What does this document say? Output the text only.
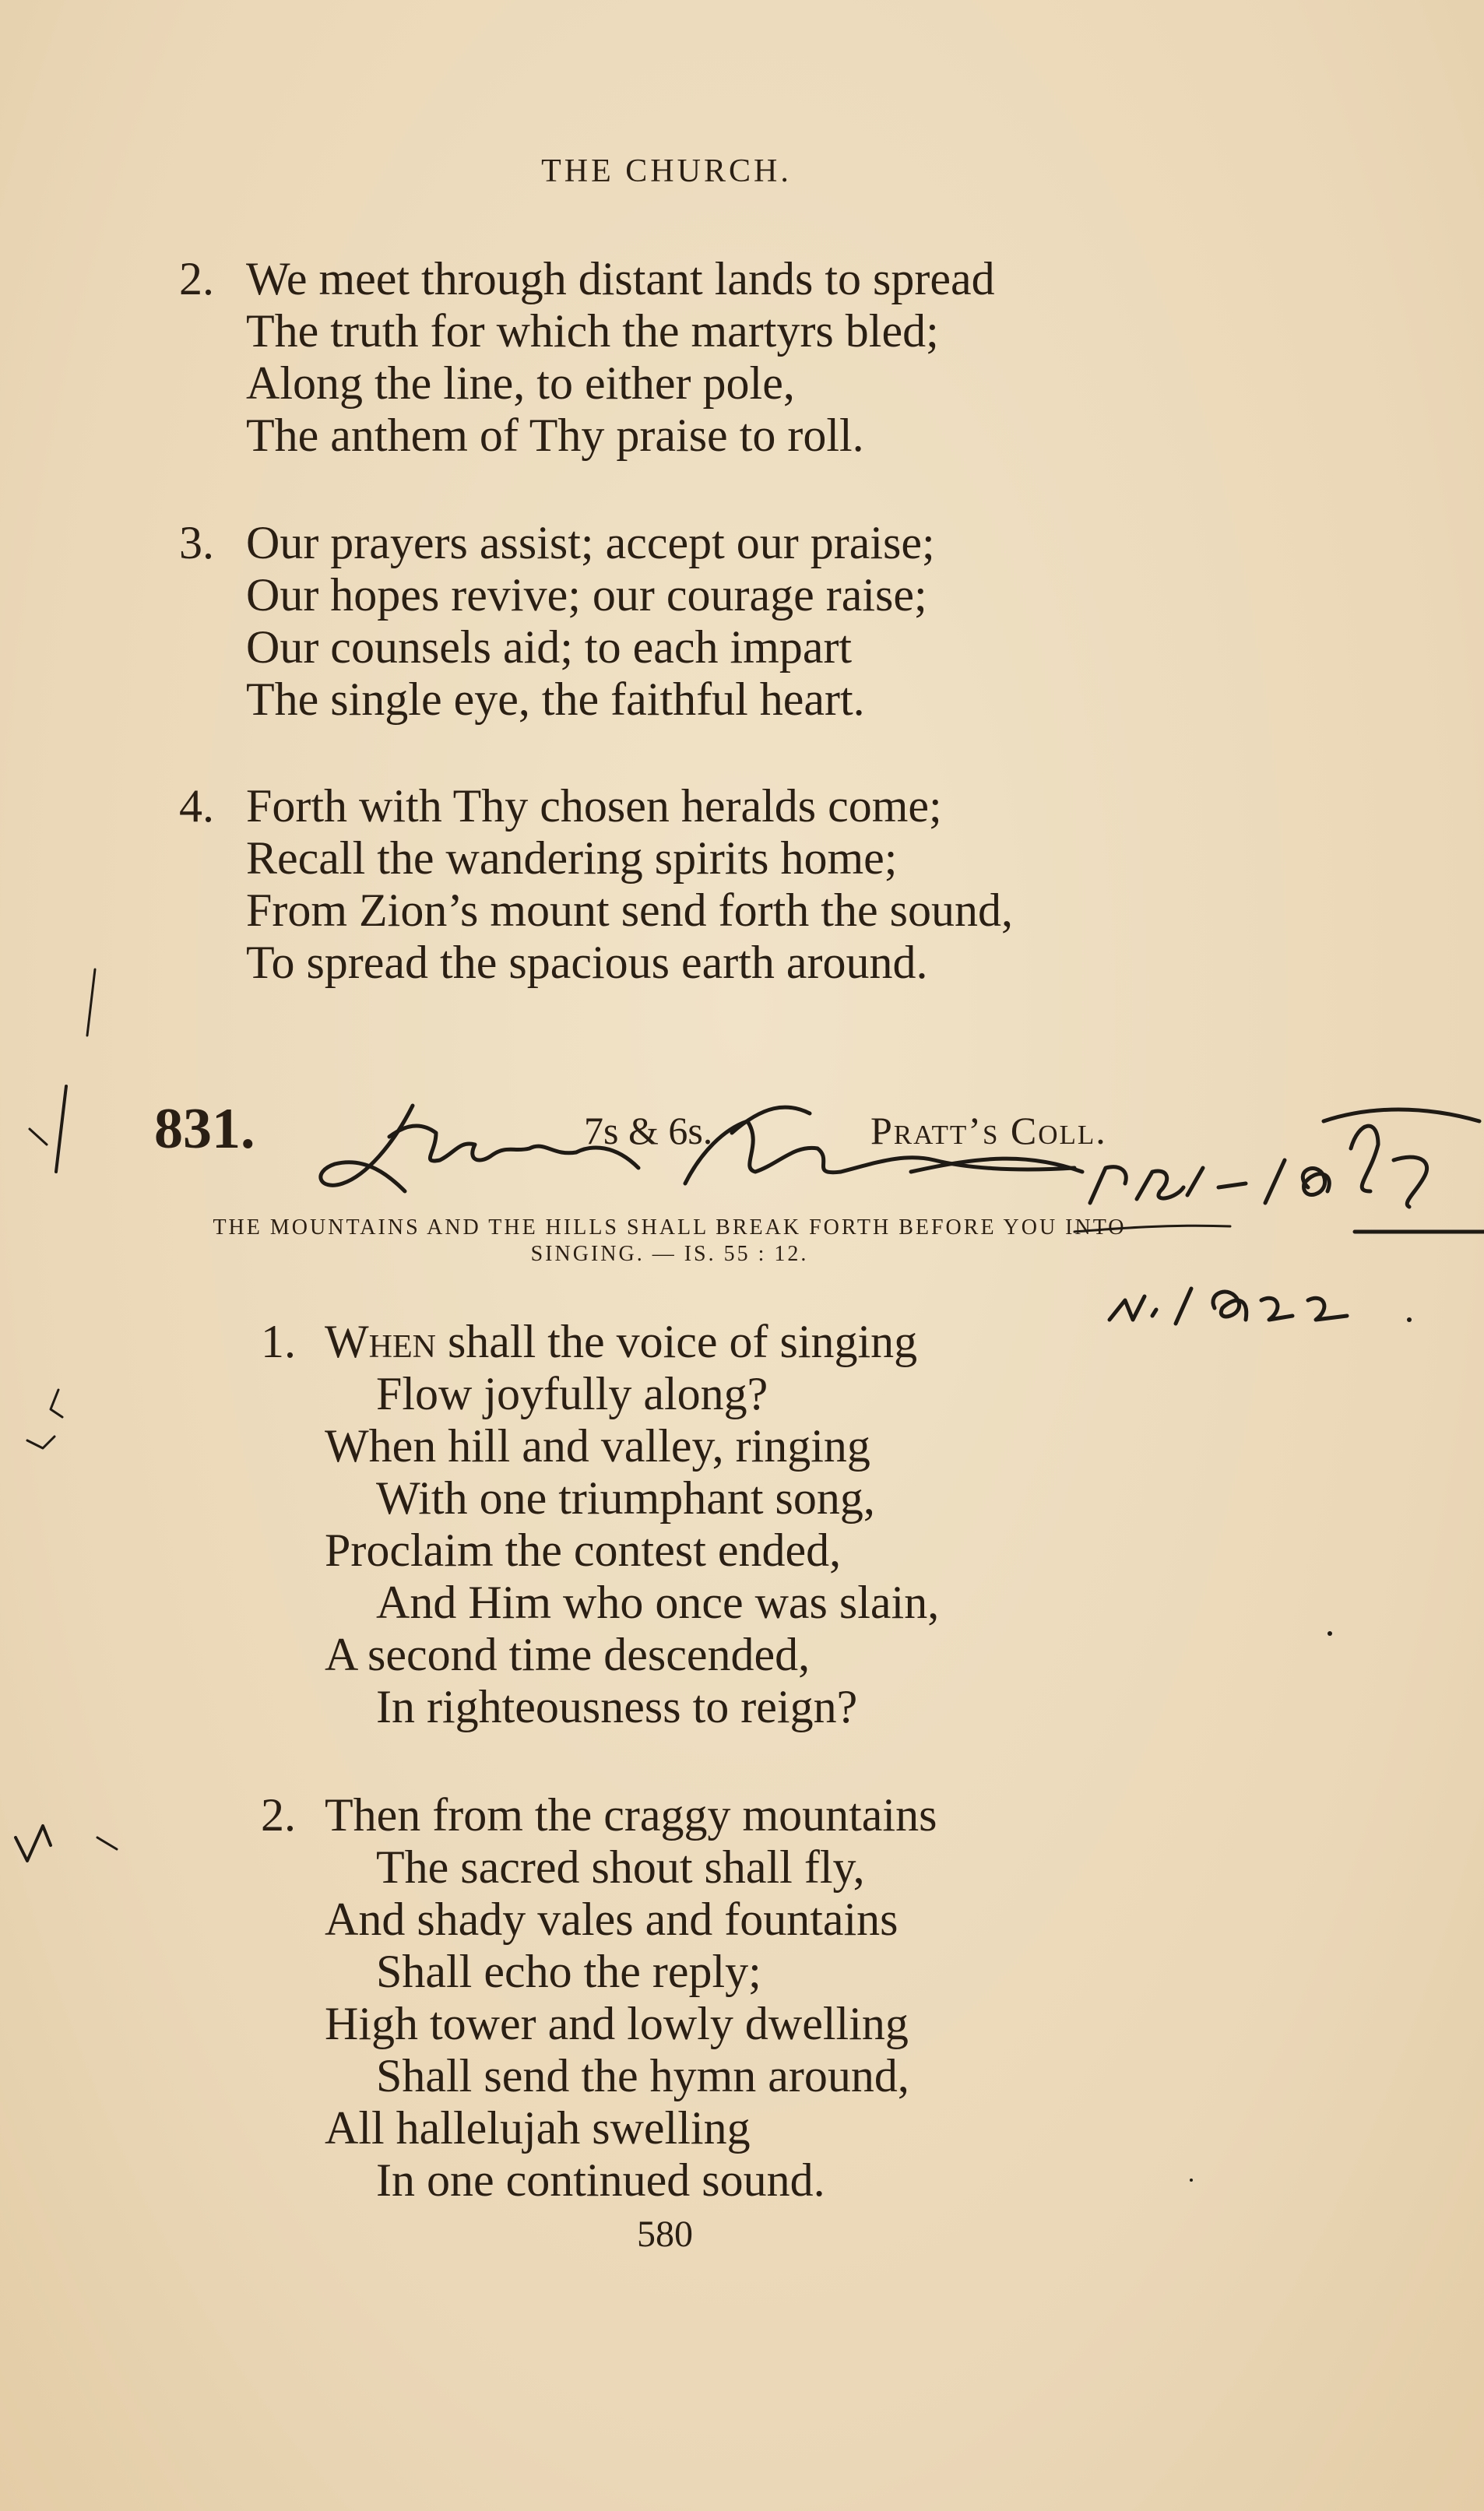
THE CHURCH.
2. We meet through distant lands to spread
The truth for which the martyrs bled;
Along the line, to either pole,
The anthem of Thy praise to roll.
3. Our prayers assist; accept our praise;
Our hopes revive; our courage raise;
Our counsels aid; to each impart
The single eye, the faithful heart.
4. Forth with Thy chosen heralds come;
Recall the wandering spirits home;
From Zion’s mount send forth the sound,
To spread the spacious earth around.
831.	7s & 6s.	Pratt’s Coll.
THE MOUNTAINS AND THE HILLS SHALL BREAK FORTH BEFORE YOU INTO
SINGING. — IS. 55 : 12.
1. When shall the voice of singing
Flow joyfully along?
When hill and valley, ringing
With one triumphant song,
Proclaim the contest ended,
And Him who once was slain,
A second time descended,
In righteousness to reign?
2. Then from the craggy mountains
The sacred shout shall fly,
And shady vales and fountains
Shall echo the reply;
High tower and lowly dwelling
Shall send the hymn around,
All hallelujah swelling
In one continued sound.
580
